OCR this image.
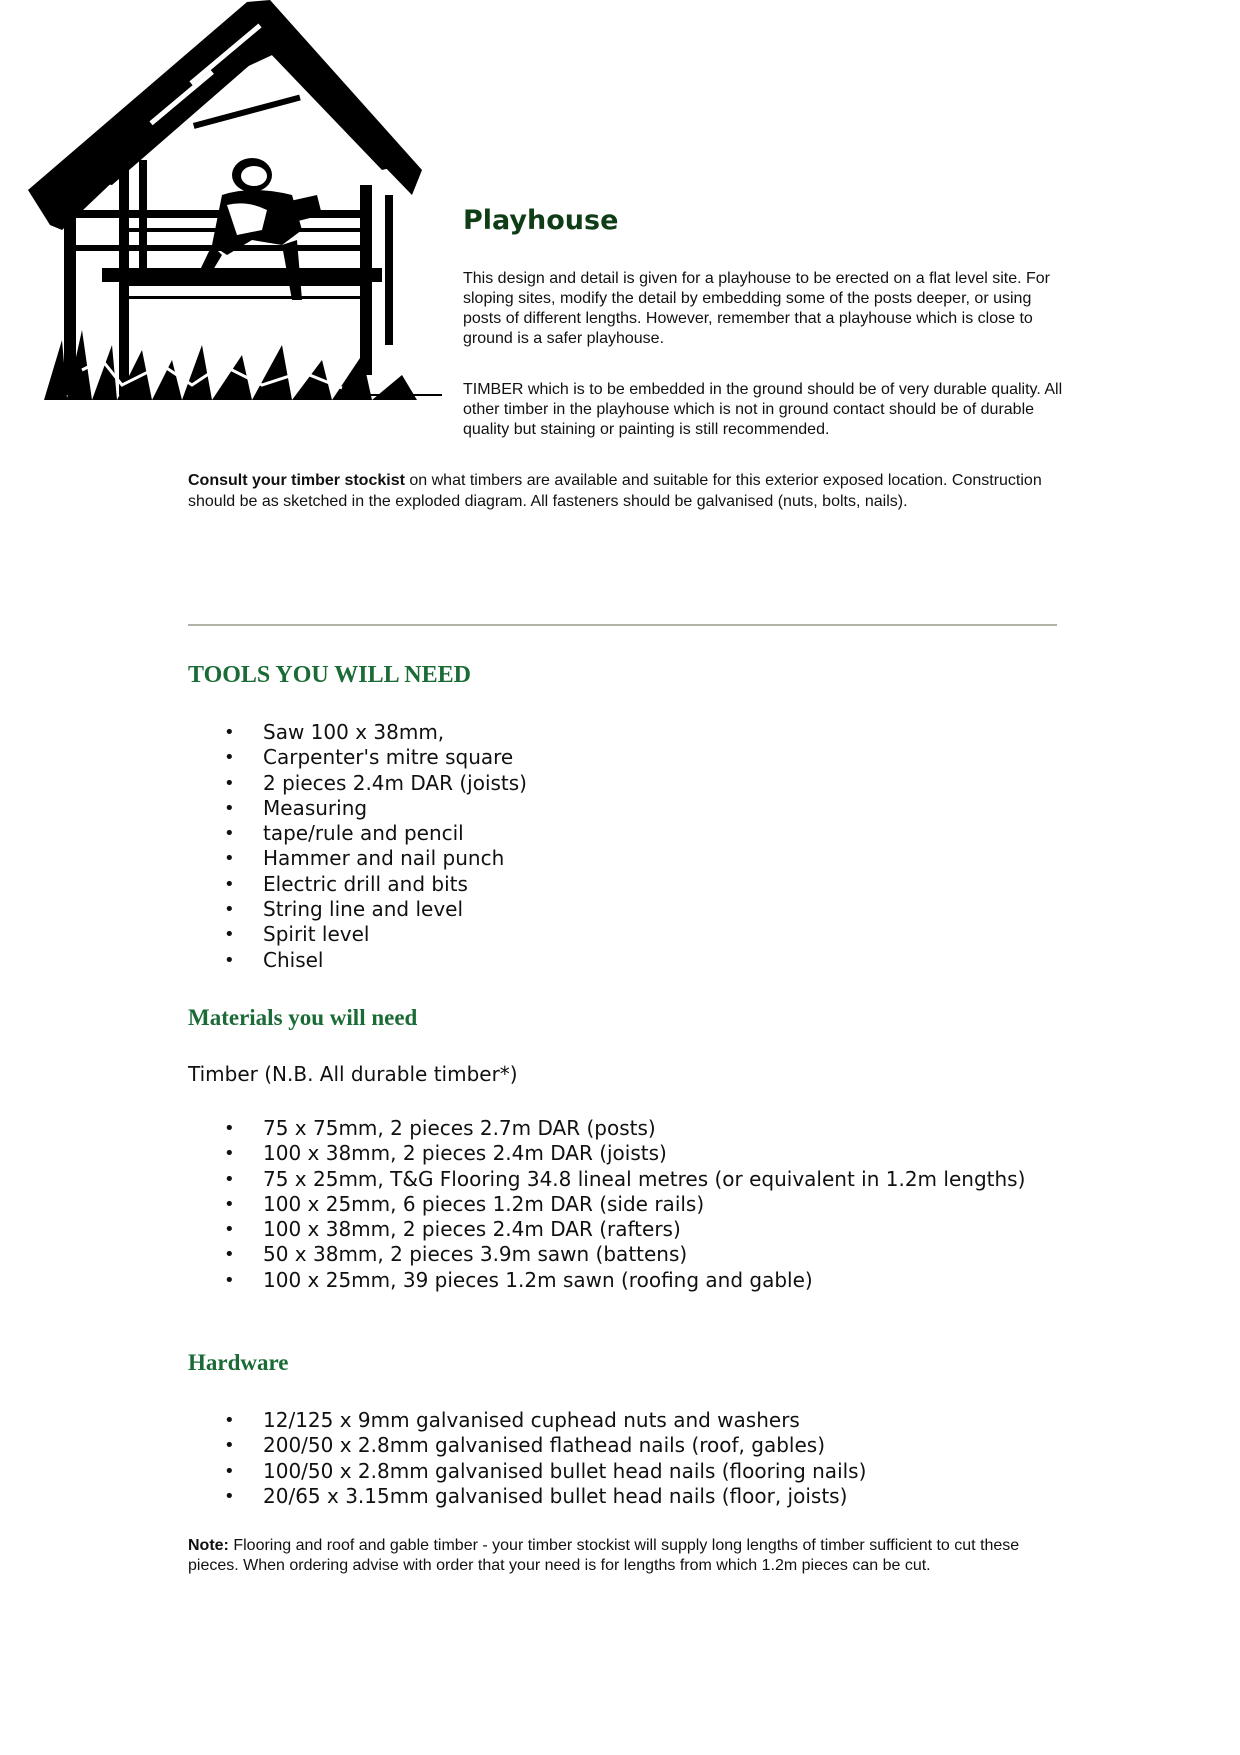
Playhouse

This design and detail is given for a playhouse to be erected on a flat level site. For sloping sites, modify the detail by embedding some of the posts deeper, or using posts of different lengths. However, remember that a playhouse which is close to ground is a safer playhouse.

TIMBER which is to be embedded in the ground should be of very durable quality. All other timber in the playhouse which is not in ground contact should be of durable quality but staining or painting is still recommended.

Consult your timber stockist on what timbers are available and suitable for this exterior exposed location. Construction should be as sketched in the exploded diagram. All fasteners should be galvanised (nuts, bolts, nails).

TOOLS YOU WILL NEED
• Saw 100 x 38mm,
• Carpenter's mitre square
• 2 pieces 2.4m DAR (joists)
• Measuring
• tape/rule and pencil
• Hammer and nail punch
• Electric drill and bits
• String line and level
• Spirit level
• Chisel
Materials you will need

Timber (N.B. All durable timber*)

• 75 x 75mm, 2 pieces 2.7m DAR (posts)
• 100 x 38mm, 2 pieces 2.4m DAR (joists)
• 75 x 25mm, T&G Flooring 34.8 lineal metres (or equivalent in 1.2m lengths)
• 100 x 25mm, 6 pieces 1.2m DAR (side rails)
• 100 x 38mm, 2 pieces 2.4m DAR (rafters)
• 50 x 38mm, 2 pieces 3.9m sawn (battens)
• 100 x 25mm, 39 pieces 1.2m sawn (roofing and gable)
Hardware
• 12/125 x 9mm galvanised cuphead nuts and washers
• 200/50 x 2.8mm galvanised flathead nails (roof, gables)
• 100/50 x 2.8mm galvanised bullet head nails (flooring nails)
• 20/65 x 3.15mm galvanised bullet head nails (floor, joists)

Note: Flooring and roof and gable timber - your timber stockist will supply long lengths of timber sufficient to cut these pieces. When ordering advise with order that your need is for lengths from which 1.2m pieces can be cut.
